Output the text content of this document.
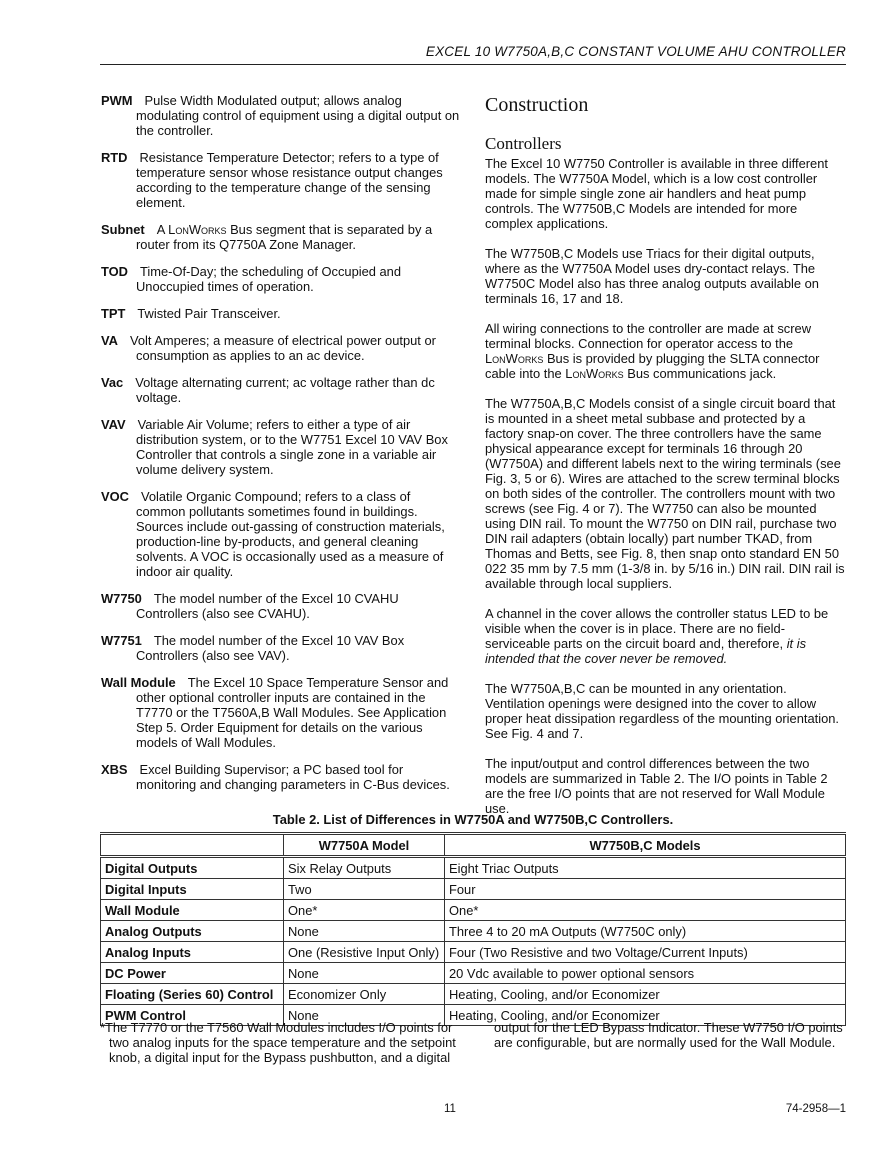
EXCEL 10 W7750A,B,C CONSTANT VOLUME AHU CONTROLLER
PWM Pulse Width Modulated output; allows analog modulating control of equipment using a digital output on the controller.
RTD Resistance Temperature Detector; refers to a type of temperature sensor whose resistance output changes according to the temperature change of the sensing element.
Subnet A LonWorks Bus segment that is separated by a router from its Q7750A Zone Manager.
TOD Time-Of-Day; the scheduling of Occupied and Unoccupied times of operation.
TPT Twisted Pair Transceiver.
VA Volt Amperes; a measure of electrical power output or consumption as applies to an ac device.
Vac Voltage alternating current; ac voltage rather than dc voltage.
VAV Variable Air Volume; refers to either a type of air distribution system, or to the W7751 Excel 10 VAV Box Controller that controls a single zone in a variable air volume delivery system.
VOC Volatile Organic Compound; refers to a class of common pollutants sometimes found in buildings. Sources include out-gassing of construction materials, production-line by-products, and general cleaning solvents. A VOC is occasionally used as a measure of indoor air quality.
W7750 The model number of the Excel 10 CVAHU Controllers (also see CVAHU).
W7751 The model number of the Excel 10 VAV Box Controllers (also see VAV).
Wall Module The Excel 10 Space Temperature Sensor and other optional controller inputs are contained in the T7770 or the T7560A,B Wall Modules. See Application Step 5. Order Equipment for details on the various models of Wall Modules.
XBS Excel Building Supervisor; a PC based tool for monitoring and changing parameters in C-Bus devices.
Construction
Controllers

The Excel 10 W7750 Controller is available in three different models. The W7750A Model, which is a low cost controller made for simple single zone air handlers and heat pump controls. The W7750B,C Models are intended for more complex applications.

The W7750B,C Models use Triacs for their digital outputs, where as the W7750A Model uses dry-contact relays. The W7750C Model also has three analog outputs available on terminals 16, 17 and 18.

All wiring connections to the controller are made at screw terminal blocks. Connection for operator access to the LonWorks Bus is provided by plugging the SLTA connector cable into the LonWorks Bus communications jack.

The W7750A,B,C Models consist of a single circuit board that is mounted in a sheet metal subbase and protected by a factory snap-on cover. The three controllers have the same physical appearance except for terminals 16 through 20 (W7750A) and different labels next to the wiring terminals (see Fig. 3, 5 or 6). Wires are attached to the screw terminal blocks on both sides of the controller. The controllers mount with two screws (see Fig. 4 or 7). The W7750 can also be mounted using DIN rail. To mount the W7750 on DIN rail, purchase two DIN rail adapters (obtain locally) part number TKAD, from Thomas and Betts, see Fig. 8, then snap onto standard EN 50 022 35 mm by 7.5 mm (1-3/8 in. by 5/16 in.) DIN rail. DIN rail is available through local suppliers.

A channel in the cover allows the controller status LED to be visible when the cover is in place. There are no field-serviceable parts on the circuit board and, therefore, it is intended that the cover never be removed.

The W7750A,B,C can be mounted in any orientation. Ventilation openings were designed into the cover to allow proper heat dissipation regardless of the mounting orientation. See Fig. 4 and 7.

The input/output and control differences between the two models are summarized in Table 2. The I/O points in Table 2 are the free I/O points that are not reserved for Wall Module use.

Table 2. List of Differences in W7750A and W7750B,C Controllers.
	W7750A Model	W7750B,C Models
Digital Outputs	Six Relay Outputs	Eight Triac Outputs
Digital Inputs	Two	Four
Wall Module	One*	One*
Analog Outputs	None	Three 4 to 20 mA Outputs (W7750C only)
Analog Inputs	One (Resistive Input Only)	Four (Two Resistive and two Voltage/Current Inputs)
DC Power	None	20 Vdc available to power optional sensors
Floating (Series 60) Control	Economizer Only	Heating, Cooling, and/or Economizer
PWM Control	None	Heating, Cooling, and/or Economizer
*The T7770 or the T7560 Wall Modules includes I/O points for two analog inputs for the space temperature and the setpoint knob, a digital input for the Bypass pushbutton, and a digital
output for the LED Bypass Indicator. These W7750 I/O points are configurable, but are normally used for the Wall Module.
11	74-2958—1
